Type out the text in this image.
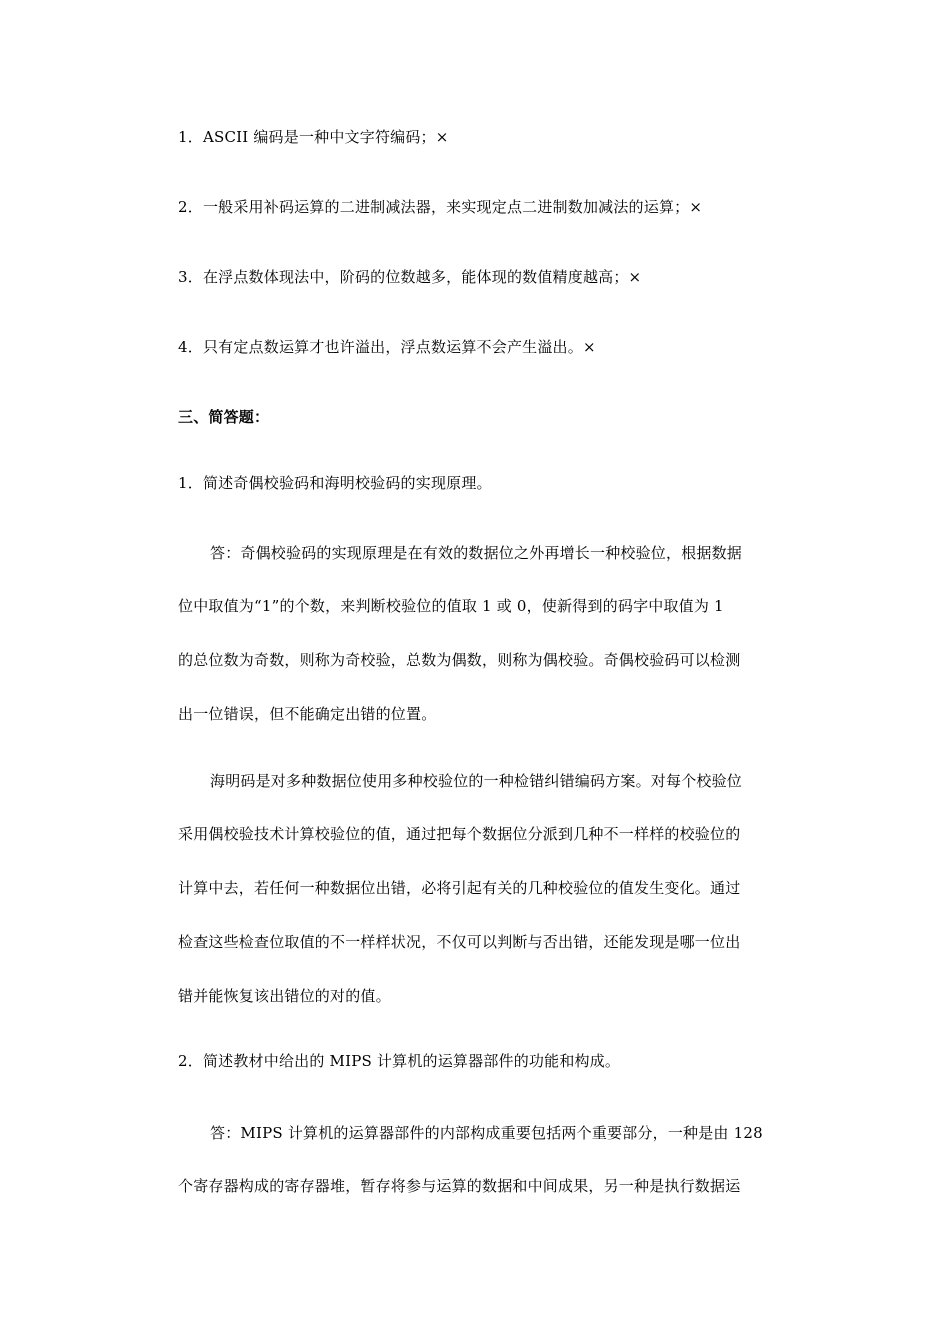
1．ASCII 编码是一种中文字符编码；×
2．一般采用补码运算的二进制减法器，来实现定点二进制数加减法的运算；×
3．在浮点数体现法中，阶码的位数越多，能体现的数值精度越高；×
4．只有定点数运算才也许溢出，浮点数运算不会产生溢出。×
三、简答题：
1．简述奇偶校验码和海明校验码的实现原理。
答：奇偶校验码的实现原理是在有效的数据位之外再增长一种校验位，根据数据
位中取值为“1”的个数，来判断校验位的值取 1 或 0，使新得到的码字中取值为 1
的总位数为奇数，则称为奇校验，总数为偶数，则称为偶校验。奇偶校验码可以检测
出一位错误，但不能确定出错的位置。
海明码是对多种数据位使用多种校验位的一种检错纠错编码方案。对每个校验位
采用偶校验技术计算校验位的值，通过把每个数据位分派到几种不一样样的校验位的
计算中去，若任何一种数据位出错，必将引起有关的几种校验位的值发生变化。通过
检查这些检查位取值的不一样样状况，不仅可以判断与否出错，还能发现是哪一位出
错并能恢复该出错位的对的值。
2．简述教材中给出的 MIPS 计算机的运算器部件的功能和构成。
答：MIPS 计算机的运算器部件的内部构成重要包括两个重要部分，一种是由 128
个寄存器构成的寄存器堆，暂存将参与运算的数据和中间成果，另一种是执行数据运
